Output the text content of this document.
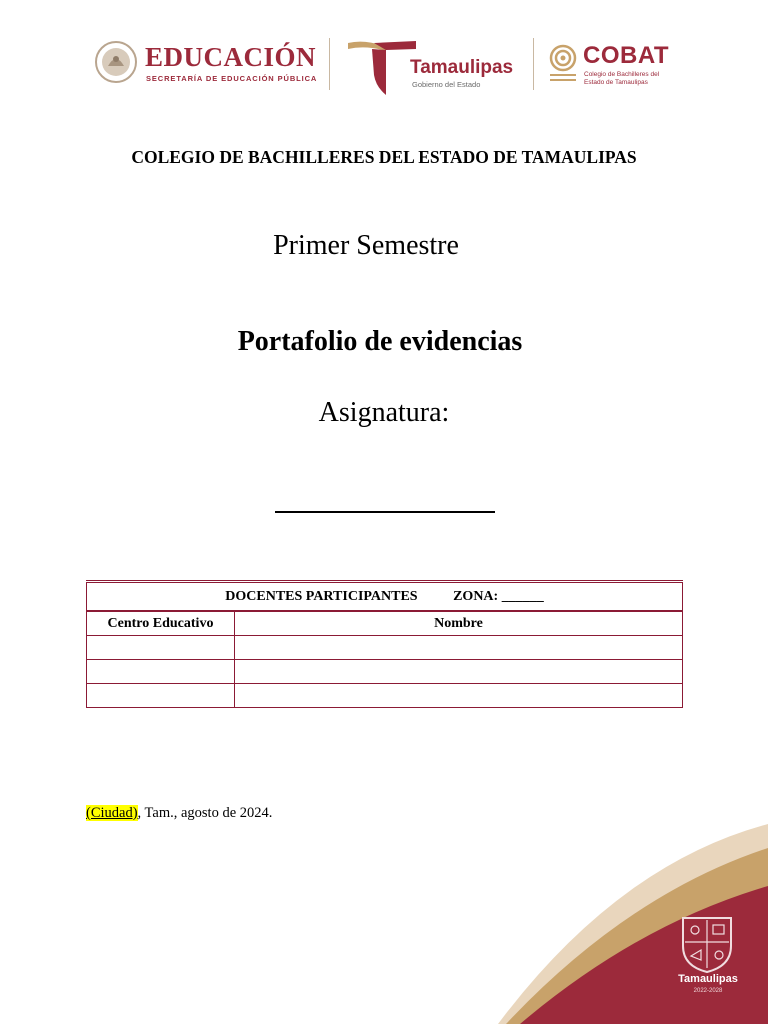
EDUCACIÓN
SECRETARÍA DE EDUCACIÓN PÚBLICA
Tamaulipas
Gobierno del Estado
COBAT
Colegio de Bachilleres del Estado de Tamaulipas
COLEGIO DE BACHILLERES DEL ESTADO DE TAMAULIPAS
Primer Semestre
Portafolio de evidencias
Asignatura:
DOCENTES PARTICIPANTES ZONA: ______	
Centro Educativo	Nombre

(Ciudad), Tam., agosto de 2024.
Tamaulipas
2022-2028
